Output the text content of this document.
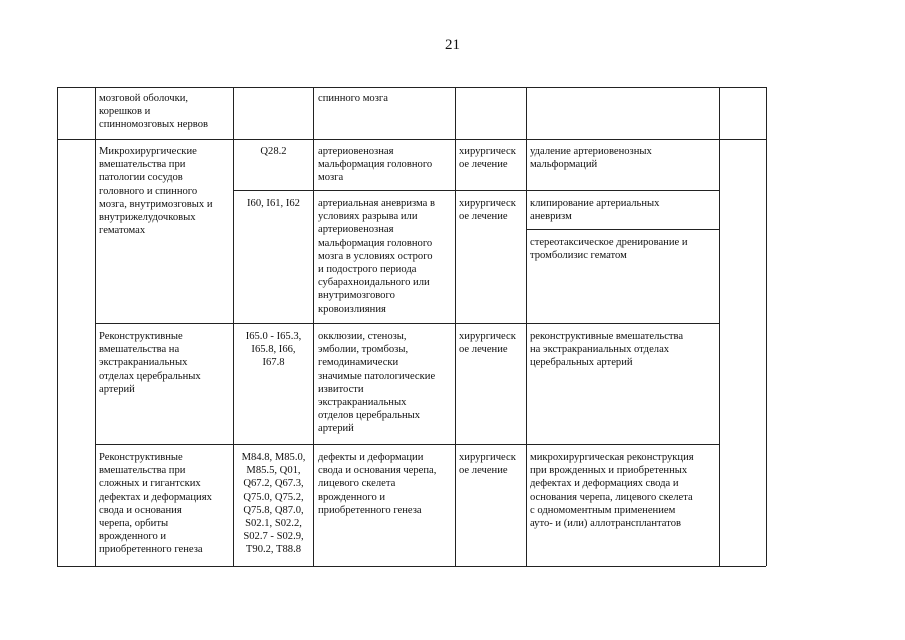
21
мозговой оболочки,
корешков и
спинномозговых нервов
спинного мозга
Микрохирургические
вмешательства при
патологии сосудов
головного и спинного
мозга, внутримозговых и
внутрижелудочковых
гематомах
Q28.2	артериовенозная
мальформация головного
мозга
хирургическ
ое лечение
удаление артериовенозных
мальформаций
I60, I61, I62	артериальная аневризма в
условиях разрыва или
артериовенозная
мальформация головного
мозга в условиях острого
и подострого периода
субарахноидального или
внутримозгового
кровоизлияния
хирургическ
ое лечение
клипирование артериальных
аневризм
стереотаксическое дренирование и
тромболизис гематом
Реконструктивные
вмешательства на
экстракраниальных
отделах церебральных
артерий
I65.0 - I65.3,
I65.8, I66,
I67.8
окклюзии, стенозы,
эмболии, тромбозы,
гемодинамически
значимые патологические
извитости
экстракраниальных
отделов церебральных
артерий
хирургическ
ое лечение
реконструктивные вмешательства
на экстракраниальных отделах
церебральных артерий
Реконструктивные
вмешательства при
сложных и гигантских
дефектах и деформациях
свода и основания
черепа, орбиты
врожденного и
приобретенного генеза
M84.8, M85.0,
M85.5, Q01,
Q67.2, Q67.3,
Q75.0, Q75.2,
Q75.8, Q87.0,
S02.1, S02.2,
S02.7 - S02.9,
T90.2, T88.8
дефекты и деформации
свода и основания черепа,
лицевого скелета
врожденного и
приобретенного генеза
хирургическ
ое лечение
микрохирургическая реконструкция
при врожденных и приобретенных
дефектах и деформациях свода и
основания черепа, лицевого скелета
с одномоментным применением
ауто- и (или) аллотрансплантатов
